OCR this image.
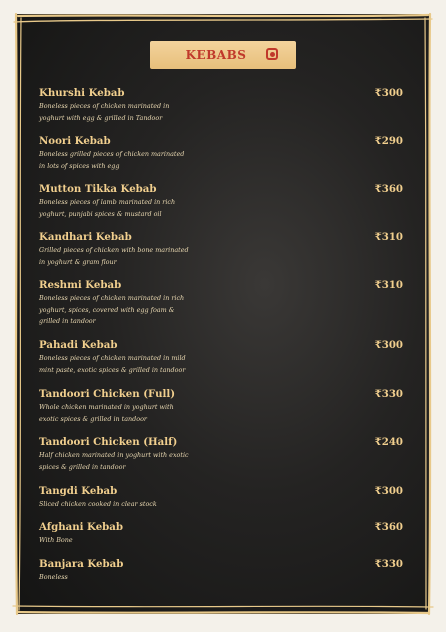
KEBABS
Khurshi Kebab	₹300
Boneless pieces of chicken marinated in yoghurt with egg & grilled in Tandoor
Noori Kebab	₹290
Boneless grilled pieces of chicken marinated in lots of spices with egg
Mutton Tikka Kebab	₹360
Boneless pieces of lamb marinated in rich yoghurt, punjabi spices & mustard oil
Kandhari Kebab	₹310
Grilled pieces of chicken with bone marinated in yoghurt & gram flour
Reshmi Kebab	₹310
Boneless pieces of chicken marinated in rich yoghurt, spices, covered with egg foam & grilled in tandoor
Pahadi Kebab	₹300
Boneless pieces of chicken marinated in mild mint paste, exotic spices & grilled in tandoor
Tandoori Chicken (Full)	₹330
Whole chicken marinated in yoghurt with exotic spices & grilled in tandoor
Tandoori Chicken (Half)	₹240
Half chicken marinated in yoghurt with exotic spices & grilled in tandoor
Tangdi Kebab	₹300
Sliced chicken cooked in clear stock
Afghani Kebab	₹360
With Bone
Banjara Kebab	₹330
Boneless
